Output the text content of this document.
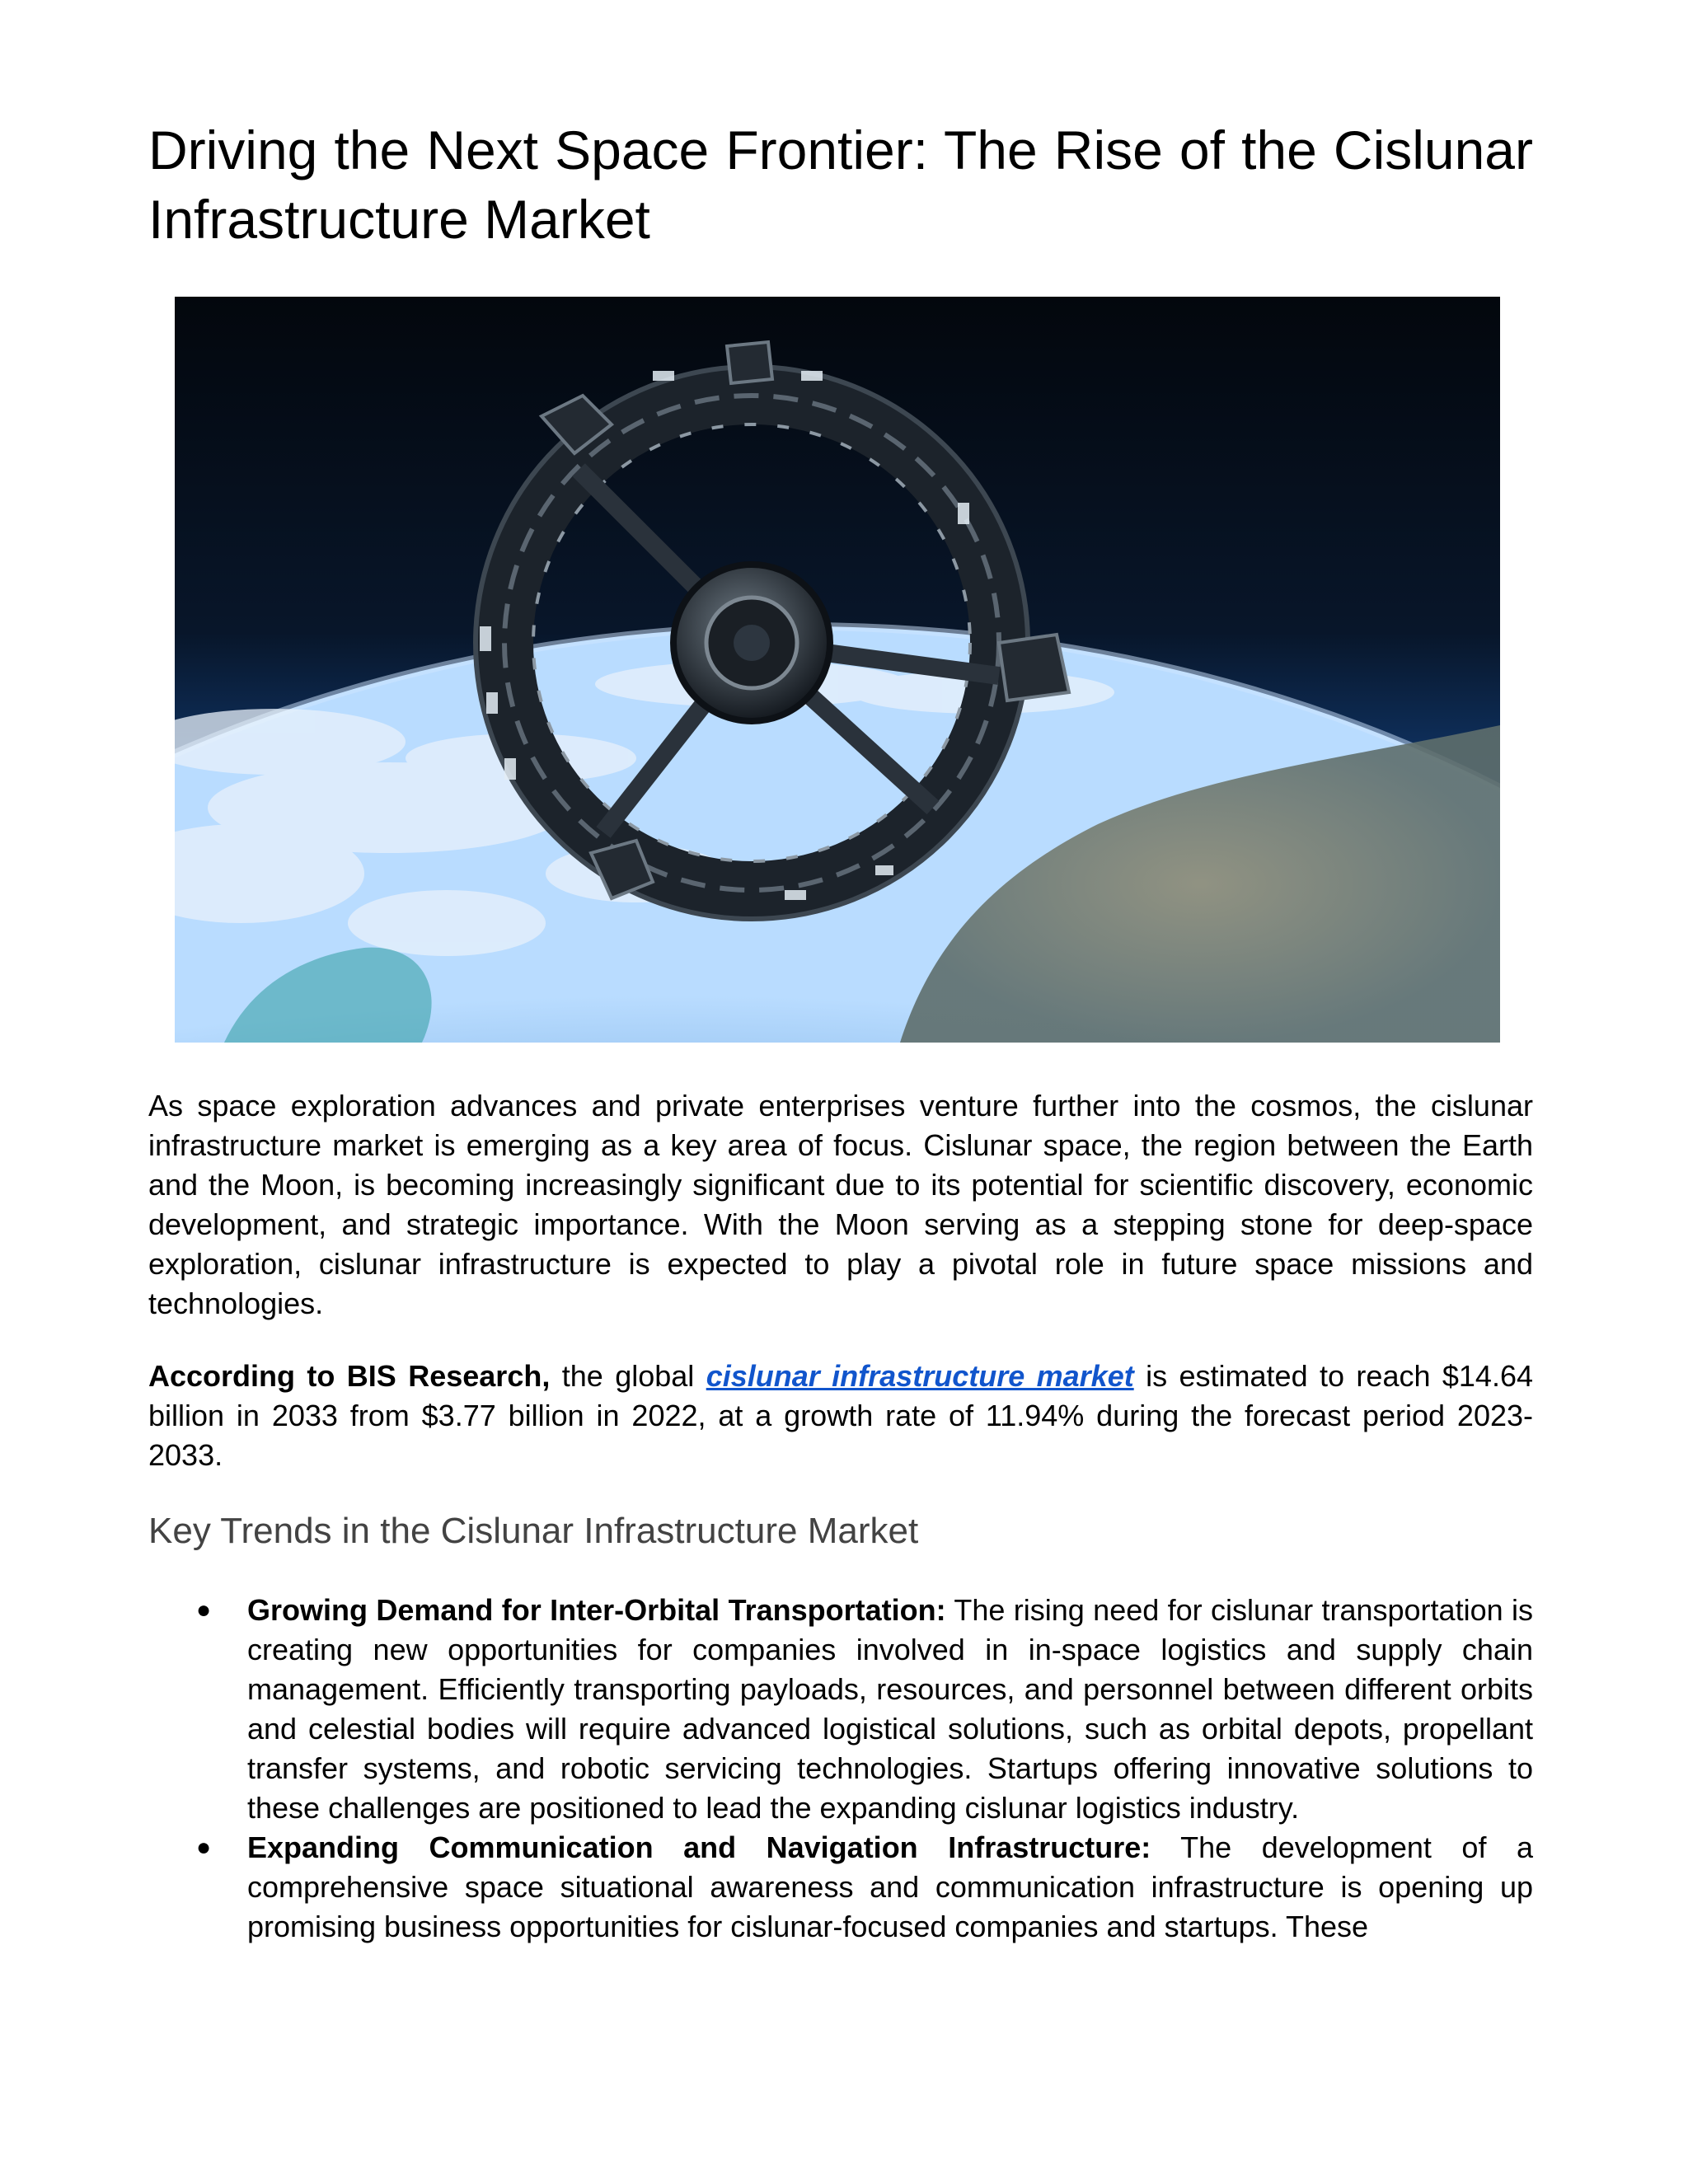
Driving the Next Space Frontier: The Rise of the Cislunar Infrastructure Market

As space exploration advances and private enterprises venture further into the cosmos, the cislunar infrastructure market is emerging as a key area of focus. Cislunar space, the region between the Earth and the Moon, is becoming increasingly significant due to its potential for scientific discovery, economic development, and strategic importance. With the Moon serving as a stepping stone for deep-space exploration, cislunar infrastructure is expected to play a pivotal role in future space missions and technologies.

According to BIS Research, the global cislunar infrastructure market is estimated to reach $14.64 billion in 2033 from $3.77 billion in 2022, at a growth rate of 11.94% during the forecast period 2023-2033.

Key Trends in the Cislunar Infrastructure Market
● Growing Demand for Inter-Orbital Transportation: The rising need for cislunar transportation is creating new opportunities for companies involved in in-space logistics and supply chain management. Efficiently transporting payloads, resources, and personnel between different orbits and celestial bodies will require advanced logistical solutions, such as orbital depots, propellant transfer systems, and robotic servicing technologies. Startups offering innovative solutions to these challenges are positioned to lead the expanding cislunar logistics industry.
● Expanding Communication and Navigation Infrastructure: The development of a comprehensive space situational awareness and communication infrastructure is opening up promising business opportunities for cislunar-focused companies and startups. These
